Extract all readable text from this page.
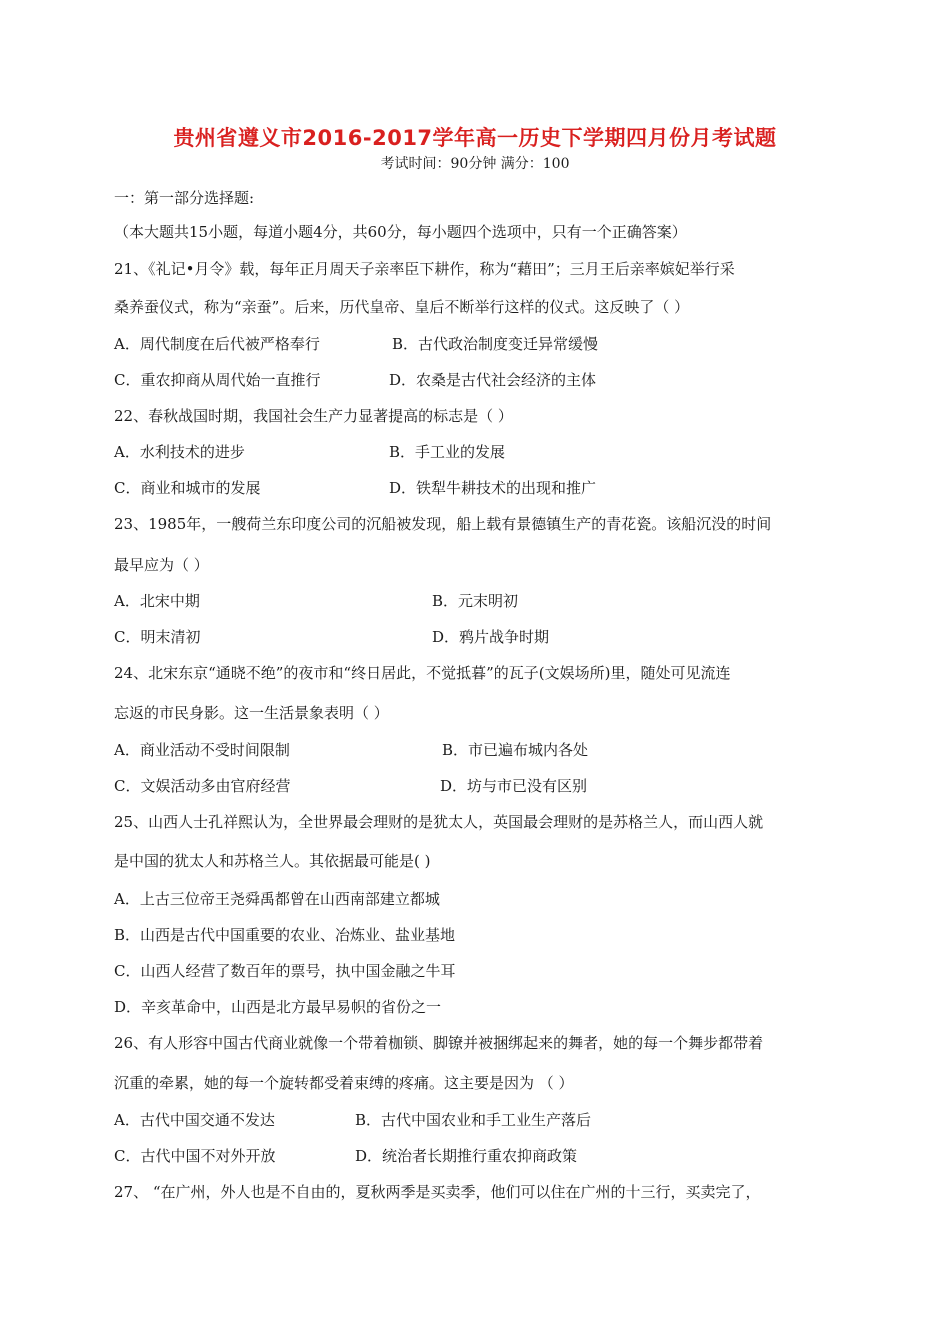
贵州省遵义市2016-2017学年高一历史下学期四月份月考试题
考试时间：90分钟 满分：100
一：第一部分选择题:
（本大题共15小题，每道小题4分，共60分，每小题四个选项中，只有一个正确答案）
21、《礼记•月令》载，每年正月周天子亲率臣下耕作，称为“藉田”；三月王后亲率嫔妃举行采
桑养蚕仪式，称为“亲蚕”。后来，历代皇帝、皇后不断举行这样的仪式。这反映了（ ）
A．周代制度在后代被严格奉行	B．古代政治制度变迁异常缓慢
C．重农抑商从周代始一直推行	D．农桑是古代社会经济的主体
22、春秋战国时期，我国社会生产力显著提高的标志是（ ）
A．水利技术的进步	B．手工业的发展
C．商业和城市的发展	D．铁犁牛耕技术的出现和推广
23、1985年，一艘荷兰东印度公司的沉船被发现，船上载有景德镇生产的青花瓷。该船沉没的时间
最早应为（ ）
A．北宋中期	B．元末明初
C．明末清初	D．鸦片战争时期
24、北宋东京“通晓不绝”的夜市和“终日居此，不觉抵暮”的瓦子(文娱场所)里，随处可见流连
忘返的市民身影。这一生活景象表明（ ）
A．商业活动不受时间限制	B．市已遍布城内各处
C．文娱活动多由官府经营	D．坊与市已没有区别
25、山西人士孔祥熙认为，全世界最会理财的是犹太人，英国最会理财的是苏格兰人，而山西人就
是中国的犹太人和苏格兰人。其依据最可能是( )
A．上古三位帝王尧舜禹都曾在山西南部建立都城
B．山西是古代中国重要的农业、冶炼业、盐业基地
C．山西人经营了数百年的票号，执中国金融之牛耳
D．辛亥革命中，山西是北方最早易帜的省份之一
26、有人形容中国古代商业就像一个带着枷锁、脚镣并被捆绑起来的舞者，她的每一个舞步都带着
沉重的牵累，她的每一个旋转都受着束缚的疼痛。这主要是因为 （ ）
A．古代中国交通不发达	B．古代中国农业和手工业生产落后
C．古代中国不对外开放	D．统治者长期推行重农抑商政策
27、 “在广州，外人也是不自由的，夏秋两季是买卖季，他们可以住在广州的十三行，买卖完了，
